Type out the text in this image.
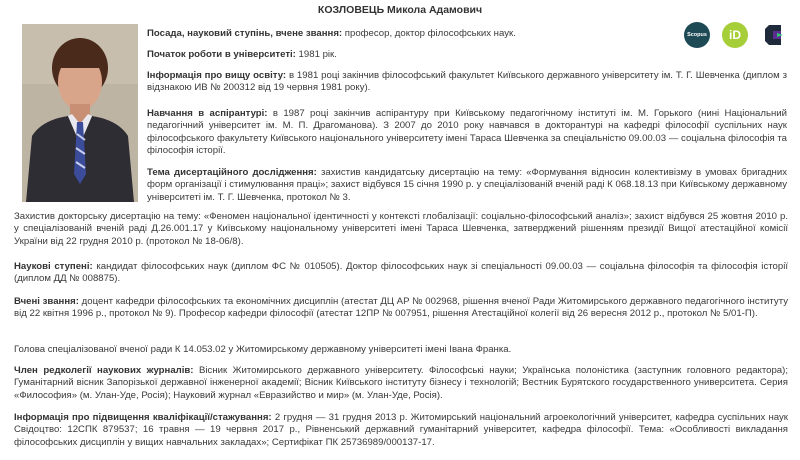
КОЗЛОВЕЦЬ Микола Адамович
Scopus	iD

Посада, науковий ступінь, вчене звання: професор, доктор філософських наук.

Початок роботи в університеті: 1981 рік.

Інформація про вищу освіту: в 1981 році закінчив філософський факультет Київського державного університету ім. Т. Г. Шевченка (диплом з відзнакою ИВ № 200312 від 19 червня 1981 року).

Навчання в аспірантурі: в 1987 році закінчив аспірантуру при Київському педагогічному інституті ім. М. Горького (нині Національний педагогічний університет ім. М. П. Драгоманова). З 2007 до 2010 року навчався в докторантурі на кафедрі філософії суспільних наук філософського факультету Київського національного університету імені Тараса Шевченка за спеціальністю 09.00.03 — соціальна філософія та філософія історії.

Тема дисертаційного дослідження: захистив кандидатську дисертацію на тему: «Формування відносин колективізму в умовах бригадних форм організації і стимулювання праці»; захист відбувся 15 січня 1990 р. у спеціалізованій вченій раді К 068.18.13 при Київському державному університеті ім. Т. Г. Шевченка, протокол № 3.

Захистив докторську дисертацію на тему: «Феномен національної ідентичності у контексті глобалізації: соціально-філософський аналіз»; захист відбувся 25 жовтня 2010 р. у спеціалізованій вченій раді Д.26.001.17 у Київському національному університеті імені Тараса Шевченка, затверджений рішенням президії Вищої атестаційної комісії України від 22 грудня 2010 р. (протокол № 18-06/8).

Наукові ступені: кандидат філософських наук (диплом ФС № 010505). Доктор філософських наук зі спеціальності 09.00.03 — соціальна філософія та філософія історії (диплом ДД № 008875).

Вчені звання: доцент кафедри філософських та економічних дисциплін (атестат ДЦ АР № 002968, рішення вченої Ради Житомирського державного педагогічного інституту від 22 квітня 1996 р., протокол № 9). Професор кафедри філософії (атестат 12ПР № 007951, рішення Атестаційної колегії від 26 вересня 2012 р., протокол № 5/01-П).

Голова спеціалізованої вченої ради К 14.053.02 у Житомирському державному університеті імені Івана Франка.

Член редколегії наукових журналів: Вісник Житомирського державного університету. Філософські науки; Українська полоністика (заступник головного редактора); Гуманітарний вісник Запорізької державної інженерної академії; Вісник Київського інституту бізнесу і технологій; Вестник Бурятского государственного университета. Серия «Философия» (м. Улан-Уде, Росія); Науковий журнал «Евразийство и мир» (м. Улан-Уде, Росія).

Інформація про підвищення кваліфікації/стажування: 2 грудня — 31 грудня 2013 р. Житомирський національний агроекологічний університет, кафедра суспільних наук Свідоцтво: 12СПК 879537; 16 травня — 19 червня 2017 р., Рівненський державний гуманітарний університет, кафедра філософії. Тема: «Особливості викладання філософських дисциплін у вищих навчальних закладах»; Сертифікат ПК 25736989/000137-17.
